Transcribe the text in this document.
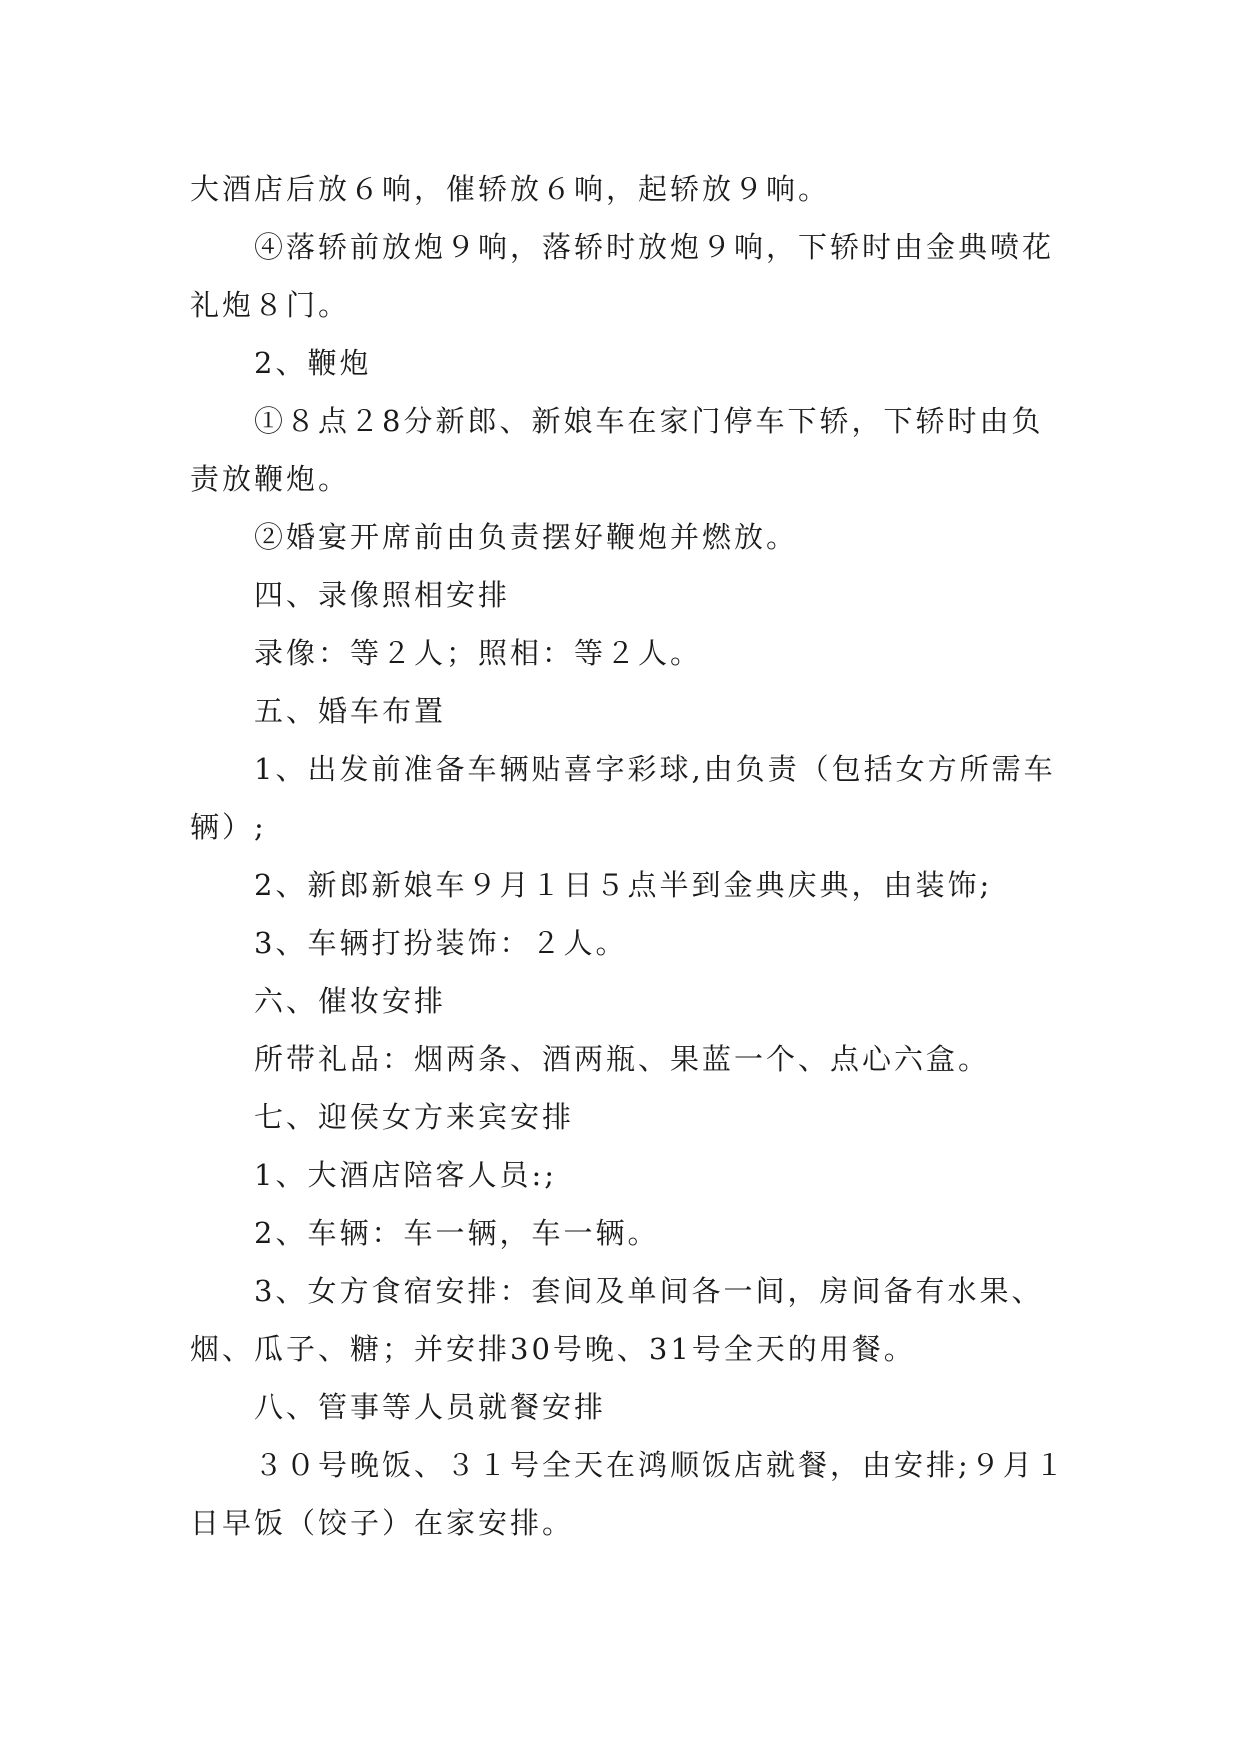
大酒店后放６响，催轿放６响，起轿放９响。

④落轿前放炮９响，落轿时放炮９响，下轿时由金典喷花礼炮８门。

2、鞭炮

①８点２8分新郎、新娘车在家门停车下轿，下轿时由负责放鞭炮。

②婚宴开席前由负责摆好鞭炮并燃放。

四、录像照相安排

录像：等２人；照相：等２人。

五、婚车布置

1、出发前准备车辆贴喜字彩球,由负责（包括女方所需车辆）;

2、新郎新娘车９月１日５点半到金典庆典，由装饰;

3、车辆打扮装饰：２人。

六、催妆安排

所带礼品：烟两条、酒两瓶、果蓝一个、点心六盒。

七、迎侯女方来宾安排

1、大酒店陪客人员:;

2、车辆：车一辆，车一辆。

3、女方食宿安排：套间及单间各一间，房间备有水果、烟、瓜子、糖；并安排30号晚、31号全天的用餐。

八、管事等人员就餐安排

３０号晚饭、３１号全天在鸿顺饭店就餐，由安排;９月１日早饭（饺子）在家安排。
